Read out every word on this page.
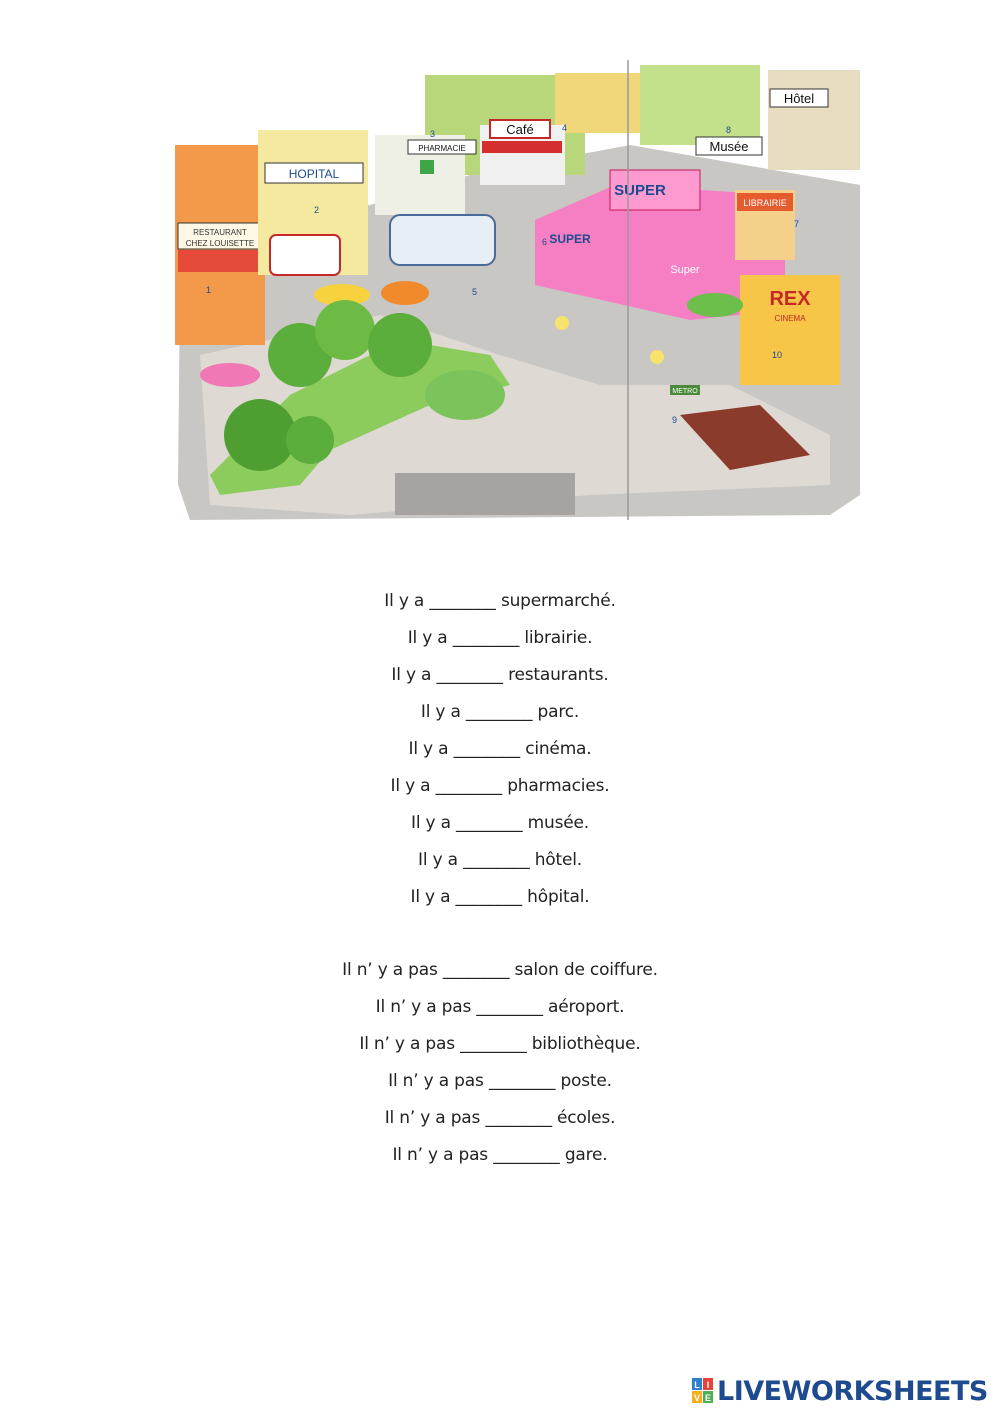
Hôtel
RESTAURANT
CHEZ LOUISETTE
HOPITAL
PHARMACIE
Café
Musée
SUPER
SUPER
Super
LIBRAIRIE
REX
CINEMA
METRO
1
2
3
4
5
6
7
8
9
10
Il y a ________ supermarché.
Il y a ________ librairie.
Il y a ________ restaurants.
Il y a ________ parc.
Il y a ________ cinéma.
Il y a ________ pharmacies.
Il y a ________ musée.
Il y a ________ hôtel.
Il y a ________ hôpital.
Il n’ y a pas ________ salon de coiffure.
Il n’ y a pas ________ aéroport.
Il n’ y a pas ________ bibliothèque.
Il n’ y a pas ________ poste.
Il n’ y a pas ________ écoles.
Il n’ y a pas ________ gare.
L I
V E LIVEWORKSHEETS
